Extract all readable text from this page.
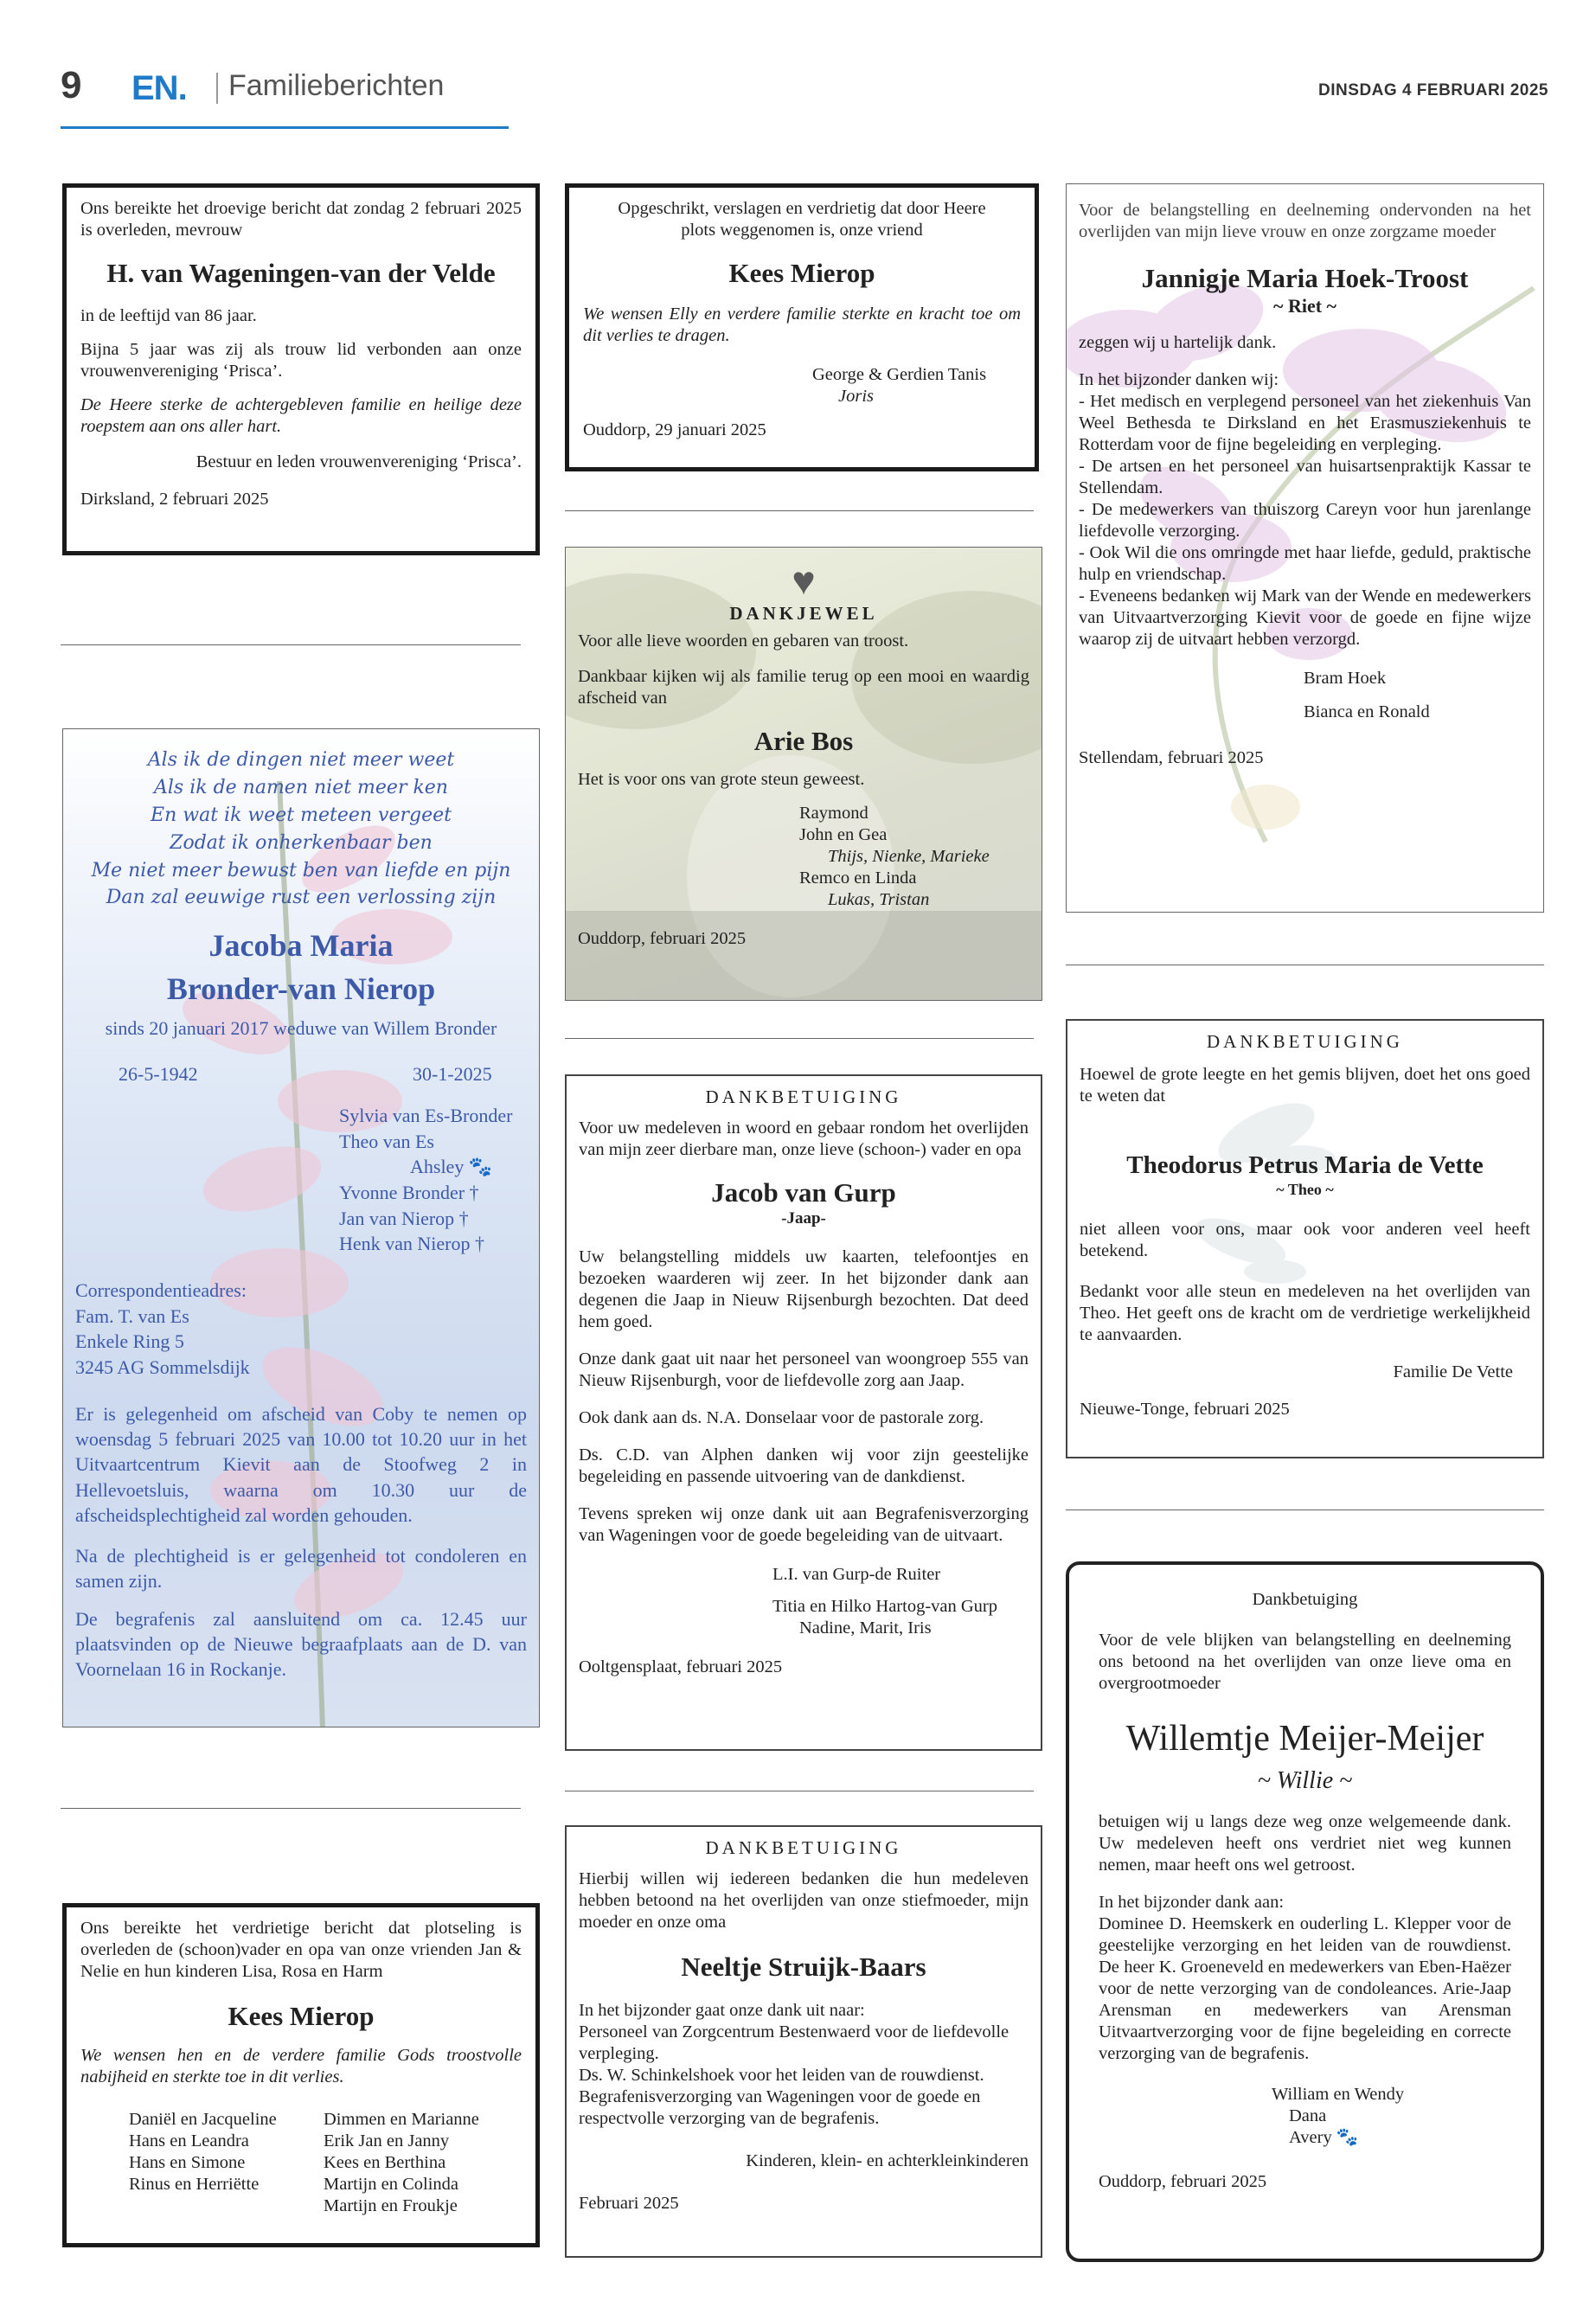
9 EN. Familieberichten	DINSDAG 4 FEBRUARI 2025

Ons bereikte het droevige bericht dat zondag 2 februari 2025 is overleden, mevrouw

H. van Wageningen-van der Velde

in de leeftijd van 86 jaar.

Bijna 5 jaar was zij als trouw lid verbonden aan onze vrouwenvereniging ‘Prisca’.

De Heere sterke de achtergebleven familie en heilige deze roepstem aan ons aller hart.

Bestuur en leden vrouwenvereniging ‘Prisca’.

Dirksland, 2 februari 2025

Als ik de dingen niet meer weet
Als ik de namen niet meer ken
En wat ik weet meteen vergeet
Zodat ik onherkenbaar ben
Me niet meer bewust ben van liefde en pijn
Dan zal eeuwige rust een verlossing zijn

Jacoba Maria

Bronder-van Nierop

sinds 20 januari 2017 weduwe van Willem Bronder

26-5-1942	30-1-2025
Sylvia van Es-Bronder
Theo van Es
Ahsley 🐾
Yvonne Bronder †
Jan van Nierop †
Henk van Nierop †
Correspondentieadres:
Fam. T. van Es
Enkele Ring 5
3245 AG Sommelsdijk

Er is gelegenheid om afscheid van Coby te nemen op woensdag 5 februari 2025 van 10.00 tot 10.20 uur in het Uitvaartcentrum Kievit aan de Stoofweg 2 in Hellevoetsluis, waarna om 10.30 uur de afscheidsplechtigheid zal worden gehouden.

Na de plechtigheid is er gelegenheid tot condoleren en samen zijn.

De begrafenis zal aansluitend om ca. 12.45 uur plaatsvinden op de Nieuwe begraafplaats aan de D. van Voornelaan 16 in Rockanje.

Ons bereikte het verdrietige bericht dat plotseling is overleden de (schoon)vader en opa van onze vrienden Jan & Nelie en hun kinderen Lisa, Rosa en Harm

Kees Mierop

We wensen hen en de verdere familie Gods troostvolle nabijheid en sterkte toe in dit verlies.

Daniël en Jacqueline
Hans en Leandra
Hans en Simone
Rinus en Herriëtte
Dimmen en Marianne
Erik Jan en Janny
Kees en Berthina
Martijn en Colinda
Martijn en Froukje

Opgeschrikt, verslagen en verdrietig dat door Heere plots weggenomen is, onze vriend

Kees Mierop

We wensen Elly en verdere familie sterkte en kracht toe om dit verlies te dragen.

George & Gerdien Tanis

Joris

Ouddorp, 29 januari 2025

♥

DANKJEWEL

Voor alle lieve woorden en gebaren van troost.

Dankbaar kijken wij als familie terug op een mooi en waardig afscheid van

Arie Bos

Het is voor ons van grote steun geweest.

Raymond
John en Gea
Thijs, Nienke, Marieke
Remco en Linda
Lukas, Tristan

Ouddorp, februari 2025

DANKBETUIGING

Voor uw medeleven in woord en gebaar rondom het overlijden van mijn zeer dierbare man, onze lieve (schoon-) vader en opa

Jacob van Gurp

-Jaap-

Uw belangstelling middels uw kaarten, telefoontjes en bezoeken waarderen wij zeer. In het bijzonder dank aan degenen die Jaap in Nieuw Rijsenburgh bezochten. Dat deed hem goed.

Onze dank gaat uit naar het personeel van woongroep 555 van Nieuw Rijsenburgh, voor de liefdevolle zorg aan Jaap.

Ook dank aan ds. N.A. Donselaar voor de pastorale zorg.

Ds. C.D. van Alphen danken wij voor zijn geestelijke begeleiding en passende uitvoering van de dankdienst.

Tevens spreken wij onze dank uit aan Begrafenisverzorging van Wageningen voor de goede begeleiding van de uitvaart.

L.I. van Gurp-de Ruiter

Titia en Hilko Hartog-van Gurp

Nadine, Marit, Iris

Ooltgensplaat, februari 2025

DANKBETUIGING

Hierbij willen wij iedereen bedanken die hun medeleven hebben betoond na het overlijden van onze stiefmoeder, mijn moeder en onze oma

Neeltje Struijk-Baars

In het bijzonder gaat onze dank uit naar:

Personeel van Zorgcentrum Bestenwaerd voor de liefdevolle verpleging.

Ds. W. Schinkelshoek voor het leiden van de rouwdienst.

Begrafenisverzorging van Wageningen voor de goede en respectvolle verzorging van de begrafenis.

Kinderen, klein- en achterkleinkinderen

Februari 2025

Voor de belangstelling en deelneming ondervonden na het overlijden van mijn lieve vrouw en onze zorgzame moeder

Jannigje Maria Hoek-Troost

~ Riet ~

zeggen wij u hartelijk dank.

In het bijzonder danken wij:

- Het medisch en verplegend personeel van het ziekenhuis Van Weel Bethesda te Dirksland en het Erasmusziekenhuis te Rotterdam voor de fijne begeleiding en verpleging.

- De artsen en het personeel van huisartsenpraktijk Kassar te Stellendam.

- De medewerkers van thuiszorg Careyn voor hun jarenlange liefdevolle verzorging.

- Ook Wil die ons omringde met haar liefde, geduld, praktische hulp en vriendschap.

- Eveneens bedanken wij Mark van der Wende en medewerkers van Uitvaartverzorging Kievit voor de goede en fijne wijze waarop zij de uitvaart hebben verzorgd.

Bram Hoek

Bianca en Ronald

Stellendam, februari 2025

DANKBETUIGING

Hoewel de grote leegte en het gemis blijven, doet het ons goed te weten dat

Theodorus Petrus Maria de Vette

~ Theo ~

niet alleen voor ons, maar ook voor anderen veel heeft betekend.

Bedankt voor alle steun en medeleven na het overlijden van Theo. Het geeft ons de kracht om de verdrietige werkelijkheid te aanvaarden.

Familie De Vette

Nieuwe-Tonge, februari 2025

Dankbetuiging

Voor de vele blijken van belangstelling en deelneming ons betoond na het overlijden van onze lieve oma en overgrootmoeder

Willemtje Meijer-Meijer

~ Willie ~

betuigen wij u langs deze weg onze welgemeende dank. Uw medeleven heeft ons verdriet niet weg kunnen nemen, maar heeft ons wel getroost.

In het bijzonder dank aan:

Dominee D. Heemskerk en ouderling L. Klepper voor de geestelijke verzorging en het leiden van de rouwdienst. De heer K. Groeneveld en medewerkers van Eben-Haëzer voor de nette verzorging van de condoleances. Arie-Jaap Arensman en medewerkers van Arensman Uitvaartverzorging voor de fijne begeleiding en correcte verzorging van de begrafenis.

William en Wendy

Dana

Avery 🐾

Ouddorp, februari 2025
